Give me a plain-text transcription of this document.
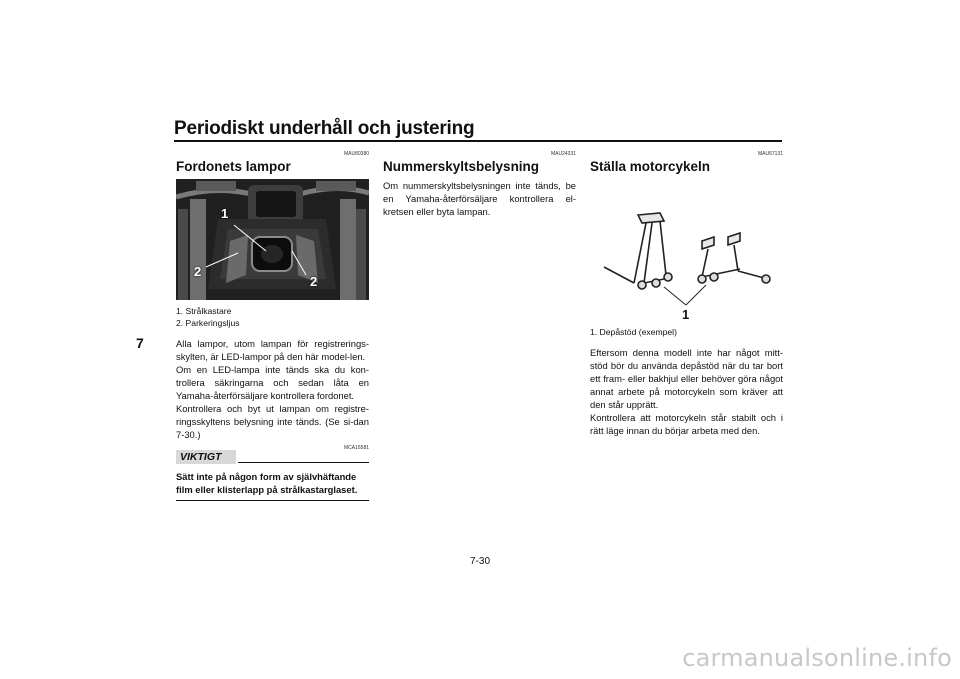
Periodiskt underhåll och justering
7
MAU80380
Fordonets lampor
1
2
2
1. Strålkastare
2. Parkeringsljus

Alla lampor, utom lampan för registrerings-skylten, är LED-lampor på den här model-len.

Om en LED-lampa inte tänds ska du kon-trollera säkringarna och sedan låta en Yamaha-återförsäljare kontrollera fordonet.

Kontrollera och byt ut lampan om registre-ringsskyltens belysning inte tänds. (Se si-dan 7-30.)

VIKTIGT
MCA16581
Sätt inte på någon form av självhäftande film eller klisterlapp på strålkastarglaset.
MAU24331
Nummerskyltsbelysning

Om nummerskyltsbelysningen inte tänds, be en Yamaha-återförsäljare kontrollera el-kretsen eller byta lampan.

MAU67131
Ställa motorcykeln
1
1. Depåstöd (exempel)

Eftersom denna modell inte har något mitt-stöd bör du använda depåstöd när du tar bort ett fram- eller bakhjul eller behöver göra något annat arbete på motorcykeln som kräver att den står upprätt.

Kontrollera att motorcykeln står stabilt och i rätt läge innan du börjar arbeta med den.

7-30
carmanualsonline.info
